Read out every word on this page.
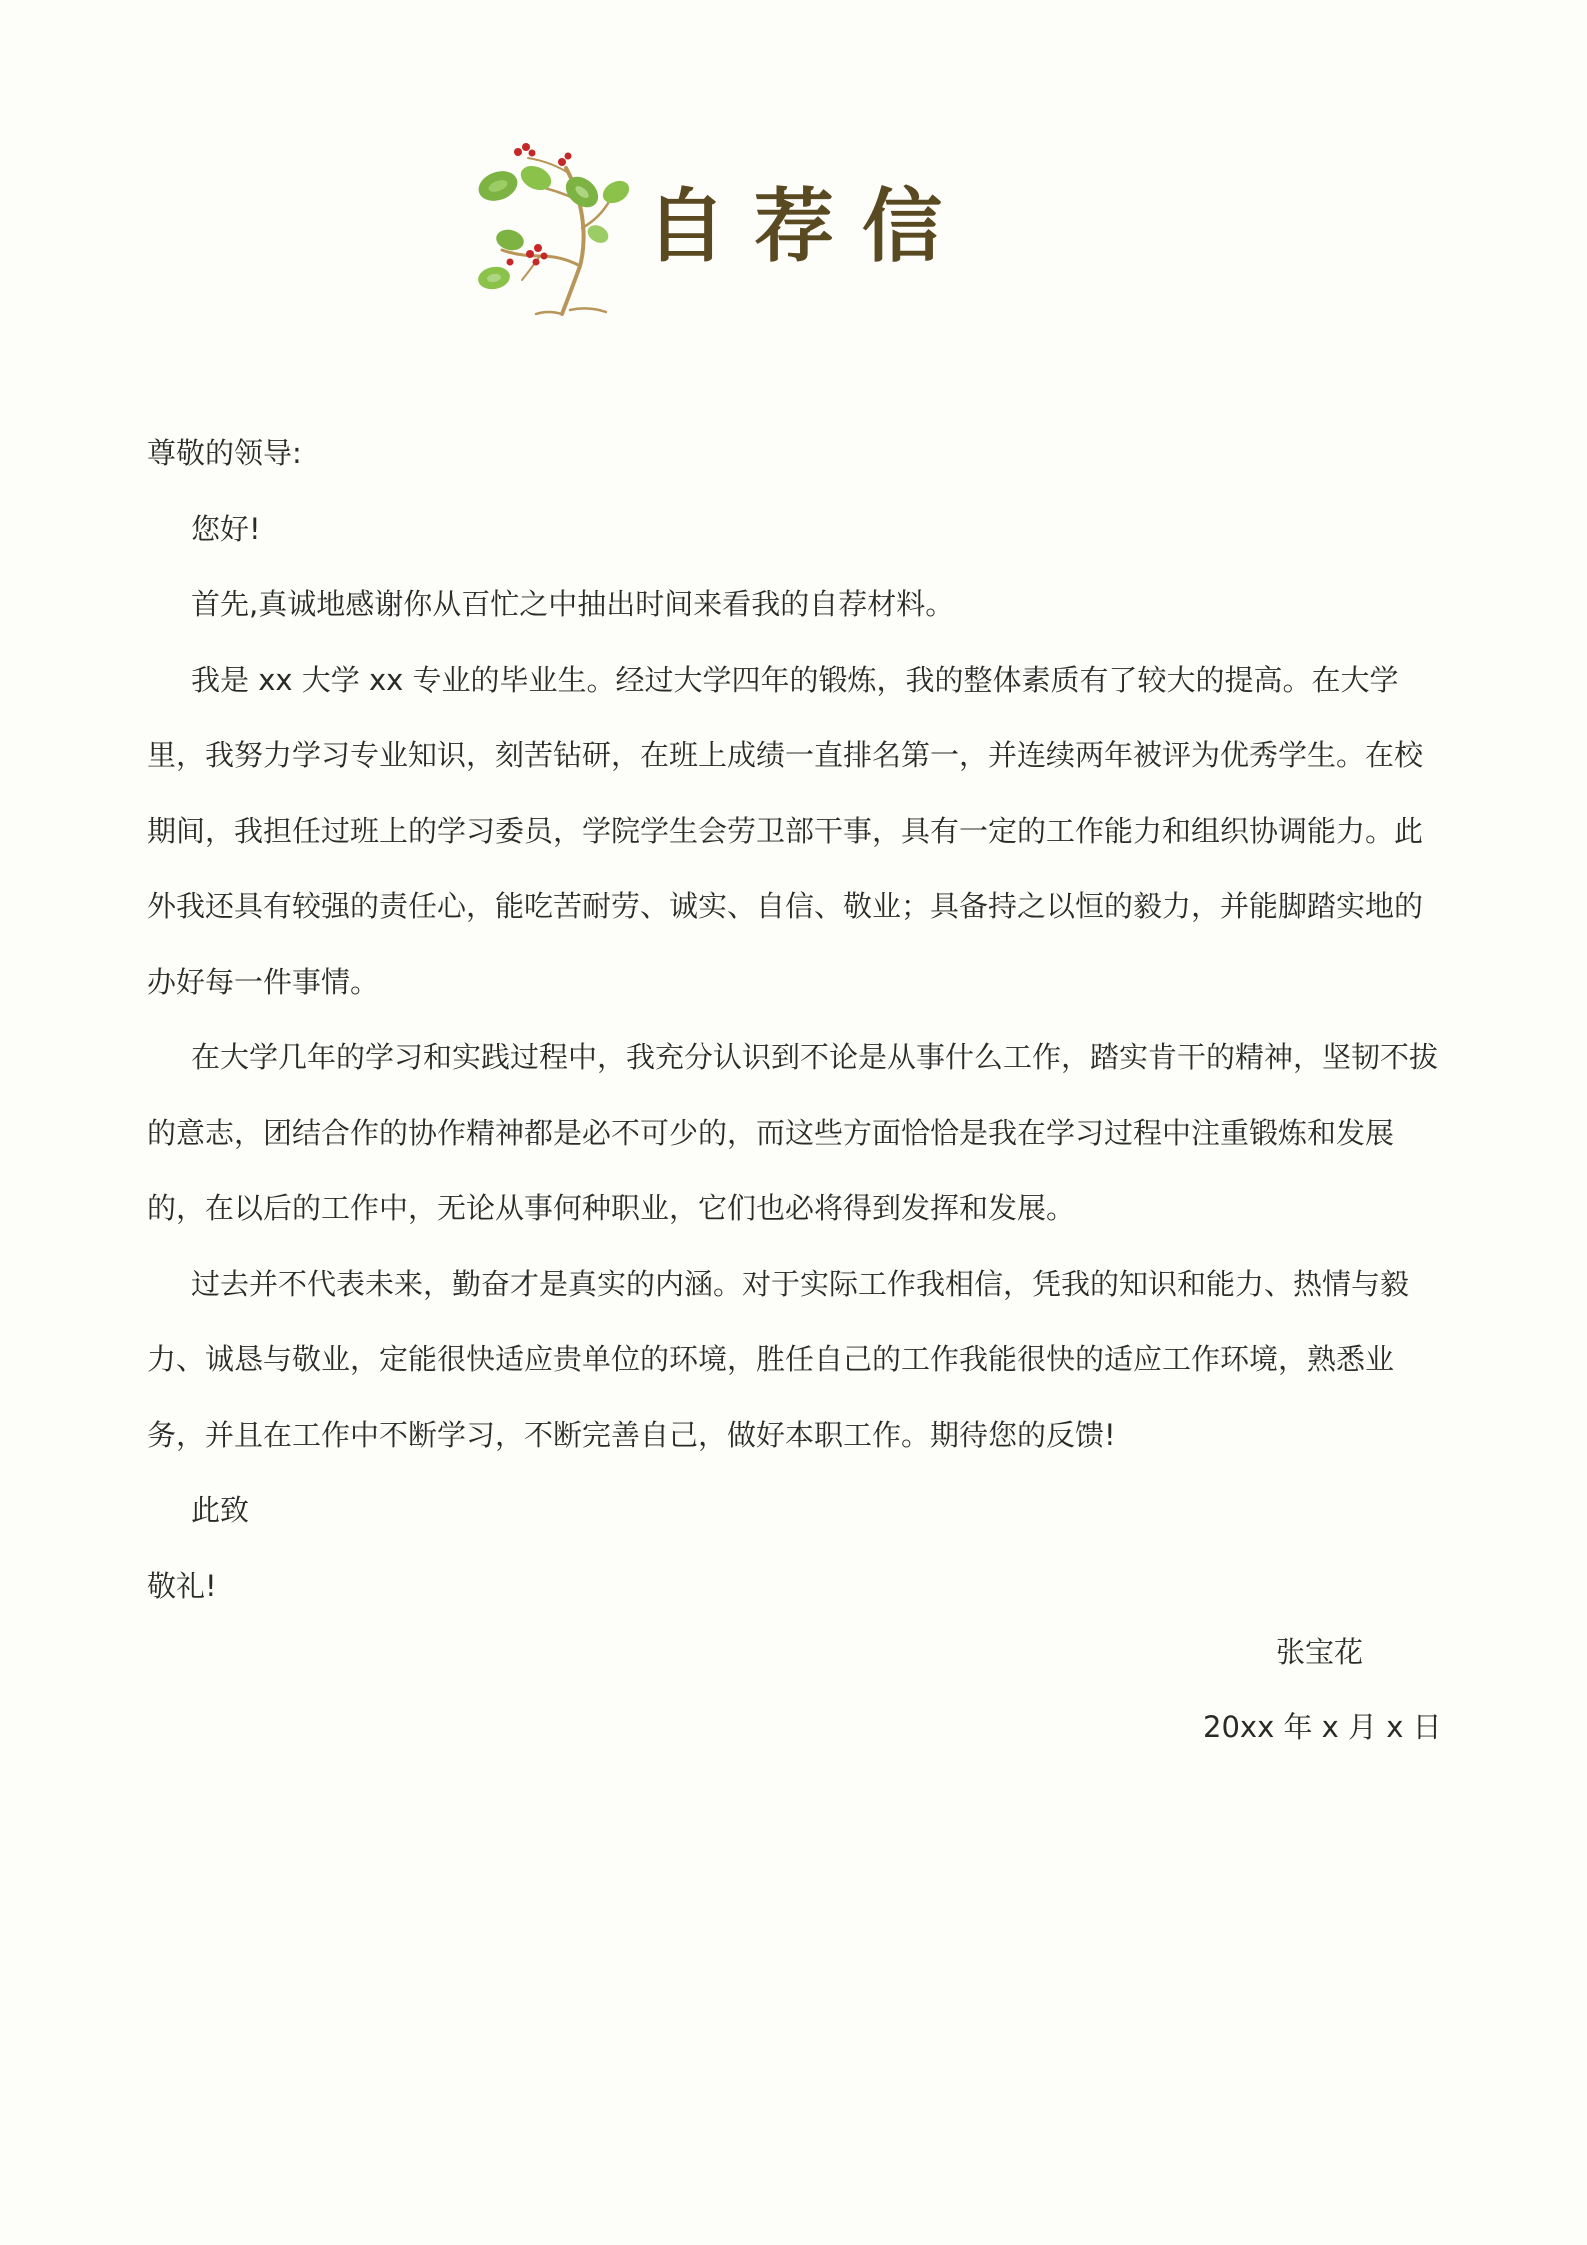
自荐信

尊敬的领导:

您好!

首先,真诚地感谢你从百忙之中抽出时间来看我的自荐材料。

我是 xx 大学 xx 专业的毕业生。经过大学四年的锻炼，我的整体素质有了较大的提高。在大学里，我努力学习专业知识，刻苦钻研，在班上成绩一直排名第一，并连续两年被评为优秀学生。在校期间，我担任过班上的学习委员，学院学生会劳卫部干事，具有一定的工作能力和组织协调能力。此外我还具有较强的责任心，能吃苦耐劳、诚实、自信、敬业；具备持之以恒的毅力，并能脚踏实地的办好每一件事情。

在大学几年的学习和实践过程中，我充分认识到不论是从事什么工作，踏实肯干的精神，坚韧不拔的意志，团结合作的协作精神都是必不可少的，而这些方面恰恰是我在学习过程中注重锻炼和发展的，在以后的工作中，无论从事何种职业，它们也必将得到发挥和发展。

过去并不代表未来，勤奋才是真实的内涵。对于实际工作我相信，凭我的知识和能力、热情与毅力、诚恳与敬业，定能很快适应贵单位的环境，胜任自己的工作我能很快的适应工作环境，熟悉业务，并且在工作中不断学习，不断完善自己，做好本职工作。期待您的反馈!

此致

敬礼!

张宝花
20xx 年 x 月 x 日
